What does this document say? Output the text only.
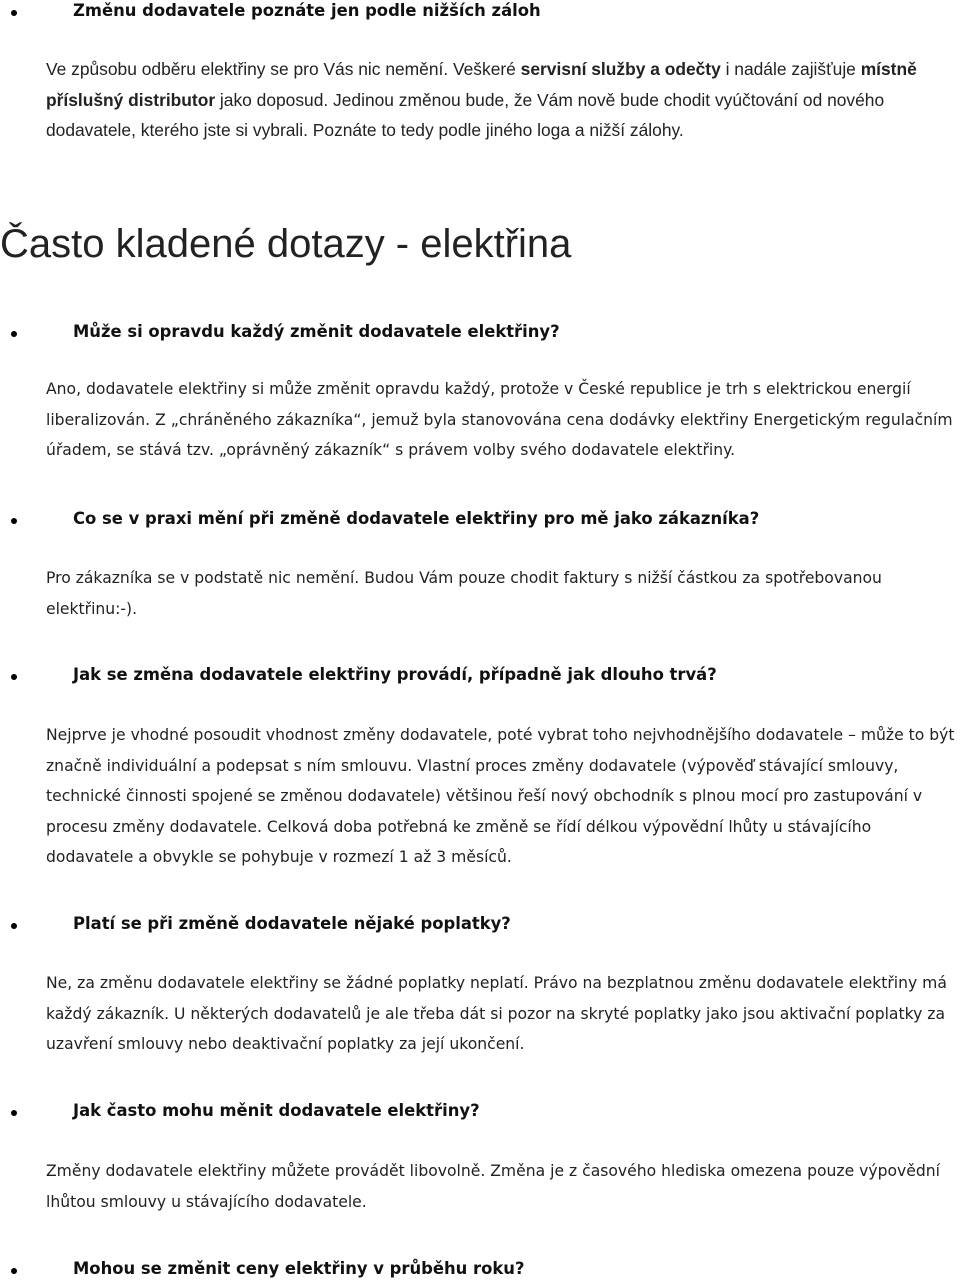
Změnu dodavatele poznáte jen podle nižších záloh

Ve způsobu odběru elektřiny se pro Vás nic nemění. Veškeré servisní služby a odečty i nadále zajišťuje místně příslušný distributor jako doposud. Jedinou změnou bude, že Vám nově bude chodit vyúčtování od nového dodavatele, kterého jste si vybrali. Poznáte to tedy podle jiného loga a nižší zálohy.

Často kladené dotazy - elektřina
Může si opravdu každý změnit dodavatele elektřiny?

Ano, dodavatele elektřiny si může změnit opravdu každý, protože v České republice je trh s elektrickou energií liberalizován. Z „chráněného zákazníka“, jemuž byla stanovována cena dodávky elektřiny Energetickým regulačním úřadem, se stává tzv. „oprávněný zákazník“ s právem volby svého dodavatele elektřiny.

Co se v praxi mění při změně dodavatele elektřiny pro mě jako zákazníka?

Pro zákazníka se v podstatě nic nemění. Budou Vám pouze chodit faktury s nižší částkou za spotřebovanou elektřinu:-).

Jak se změna dodavatele elektřiny provádí, případně jak dlouho trvá?

Nejprve je vhodné posoudit vhodnost změny dodavatele, poté vybrat toho nejvhodnějšího dodavatele – může to být značně individuální a podepsat s ním smlouvu. Vlastní proces změny dodavatele (výpověď stávající smlouvy, technické činnosti spojené se změnou dodavatele) většinou řeší nový obchodník s plnou mocí pro zastupování v procesu změny dodavatele. Celková doba potřebná ke změně se řídí délkou výpovědní lhůty u stávajícího dodavatele a obvykle se pohybuje v rozmezí 1 až 3 měsíců.

Platí se při změně dodavatele nějaké poplatky?

Ne, za změnu dodavatele elektřiny se žádné poplatky neplatí. Právo na bezplatnou změnu dodavatele elektřiny má každý zákazník. U některých dodavatelů je ale třeba dát si pozor na skryté poplatky jako jsou aktivační poplatky za uzavření smlouvy nebo deaktivační poplatky za její ukončení.

Jak často mohu měnit dodavatele elektřiny?

Změny dodavatele elektřiny můžete provádět libovolně. Změna je z časového hlediska omezena pouze výpovědní lhůtou smlouvy u stávajícího dodavatele.

Mohou se změnit ceny elektřiny v průběhu roku?
